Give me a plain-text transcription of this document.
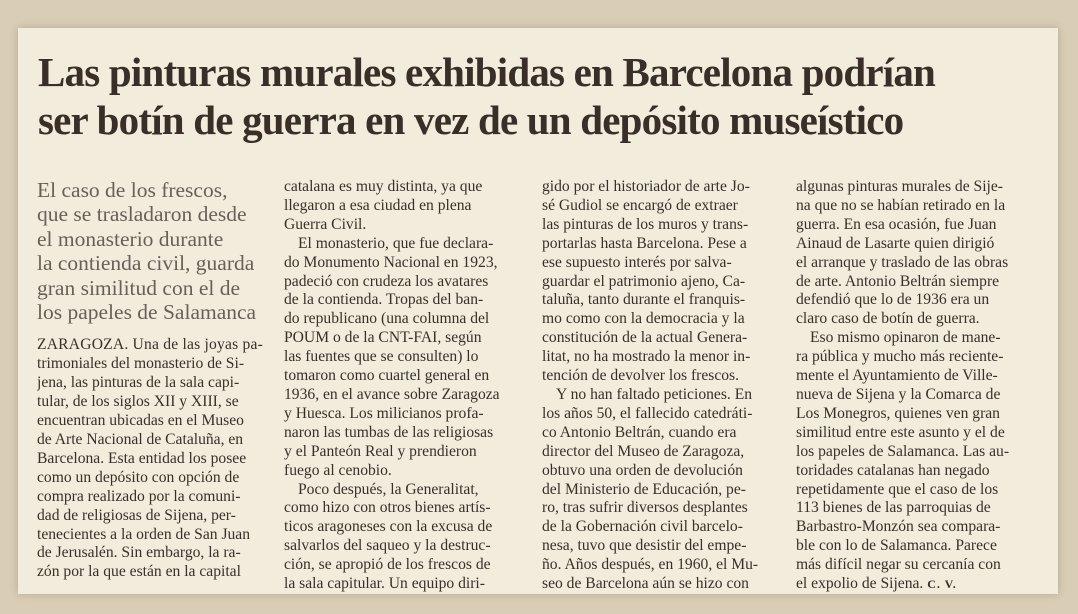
Las pinturas murales exhibidas en Barcelona podrían
ser botín de guerra en vez de un depósito museístico
El caso de los frescos,
que se trasladaron desde
el monasterio durante
la contienda civil, guarda
gran similitud con el de
los papeles de Salamanca

ZARAGOZA. Una de las joyas pa-
trimoniales del monasterio de Si-
jena, las pinturas de la sala capi-
tular, de los siglos XII y XIII, se
encuentran ubicadas en el Museo
de Arte Nacional de Cataluña, en
Barcelona. Esta entidad los posee
como un depósito con opción de
compra realizado por la comuni-
dad de religiosas de Sijena, per-
tenecientes a la orden de San Juan
de Jerusalén. Sin embargo, la ra-
zón por la que están en la capital

catalana es muy distinta, ya que
llegaron a esa ciudad en plena
Guerra Civil.

El monasterio, que fue declara-
do Monumento Nacional en 1923,
padeció con crudeza los avatares
de la contienda. Tropas del ban-
do republicano (una columna del
POUM o de la CNT-FAI, según
las fuentes que se consulten) lo
tomaron como cuartel general en
1936, en el avance sobre Zaragoza
y Huesca. Los milicianos profa-
naron las tumbas de las religiosas
y el Panteón Real y prendieron
fuego al cenobio.

Poco después, la Generalitat,
como hizo con otros bienes artís-
ticos aragoneses con la excusa de
salvarlos del saqueo y la destruc-
ción, se apropió de los frescos de
la sala capitular. Un equipo diri-

gido por el historiador de arte Jo-
sé Gudiol se encargó de extraer
las pinturas de los muros y trans-
portarlas hasta Barcelona. Pese a
ese supuesto interés por salva-
guardar el patrimonio ajeno, Ca-
taluña, tanto durante el franquis-
mo como con la democracia y la
constitución de la actual Genera-
litat, no ha mostrado la menor in-
tención de devolver los frescos.

Y no han faltado peticiones. En
los años 50, el fallecido catedráti-
co Antonio Beltrán, cuando era
director del Museo de Zaragoza,
obtuvo una orden de devolución
del Ministerio de Educación, pe-
ro, tras sufrir diversos desplantes
de la Gobernación civil barcelo-
nesa, tuvo que desistir del empe-
ño. Años después, en 1960, el Mu-
seo de Barcelona aún se hizo con

algunas pinturas murales de Sije-
na que no se habían retirado en la
guerra. En esa ocasión, fue Juan
Ainaud de Lasarte quien dirigió
el arranque y traslado de las obras
de arte. Antonio Beltrán siempre
defendió que lo de 1936 era un
claro caso de botín de guerra.

Eso mismo opinaron de mane-
ra pública y mucho más reciente-
mente el Ayuntamiento de Ville-
nueva de Sijena y la Comarca de
Los Monegros, quienes ven gran
similitud entre este asunto y el de
los papeles de Salamanca. Las au-
toridades catalanas han negado
repetidamente que el caso de los
113 bienes de las parroquias de
Barbastro-Monzón sea compara-
ble con lo de Salamanca. Parece
más difícil negar su cercanía con
el expolio de Sijena. C. V.
